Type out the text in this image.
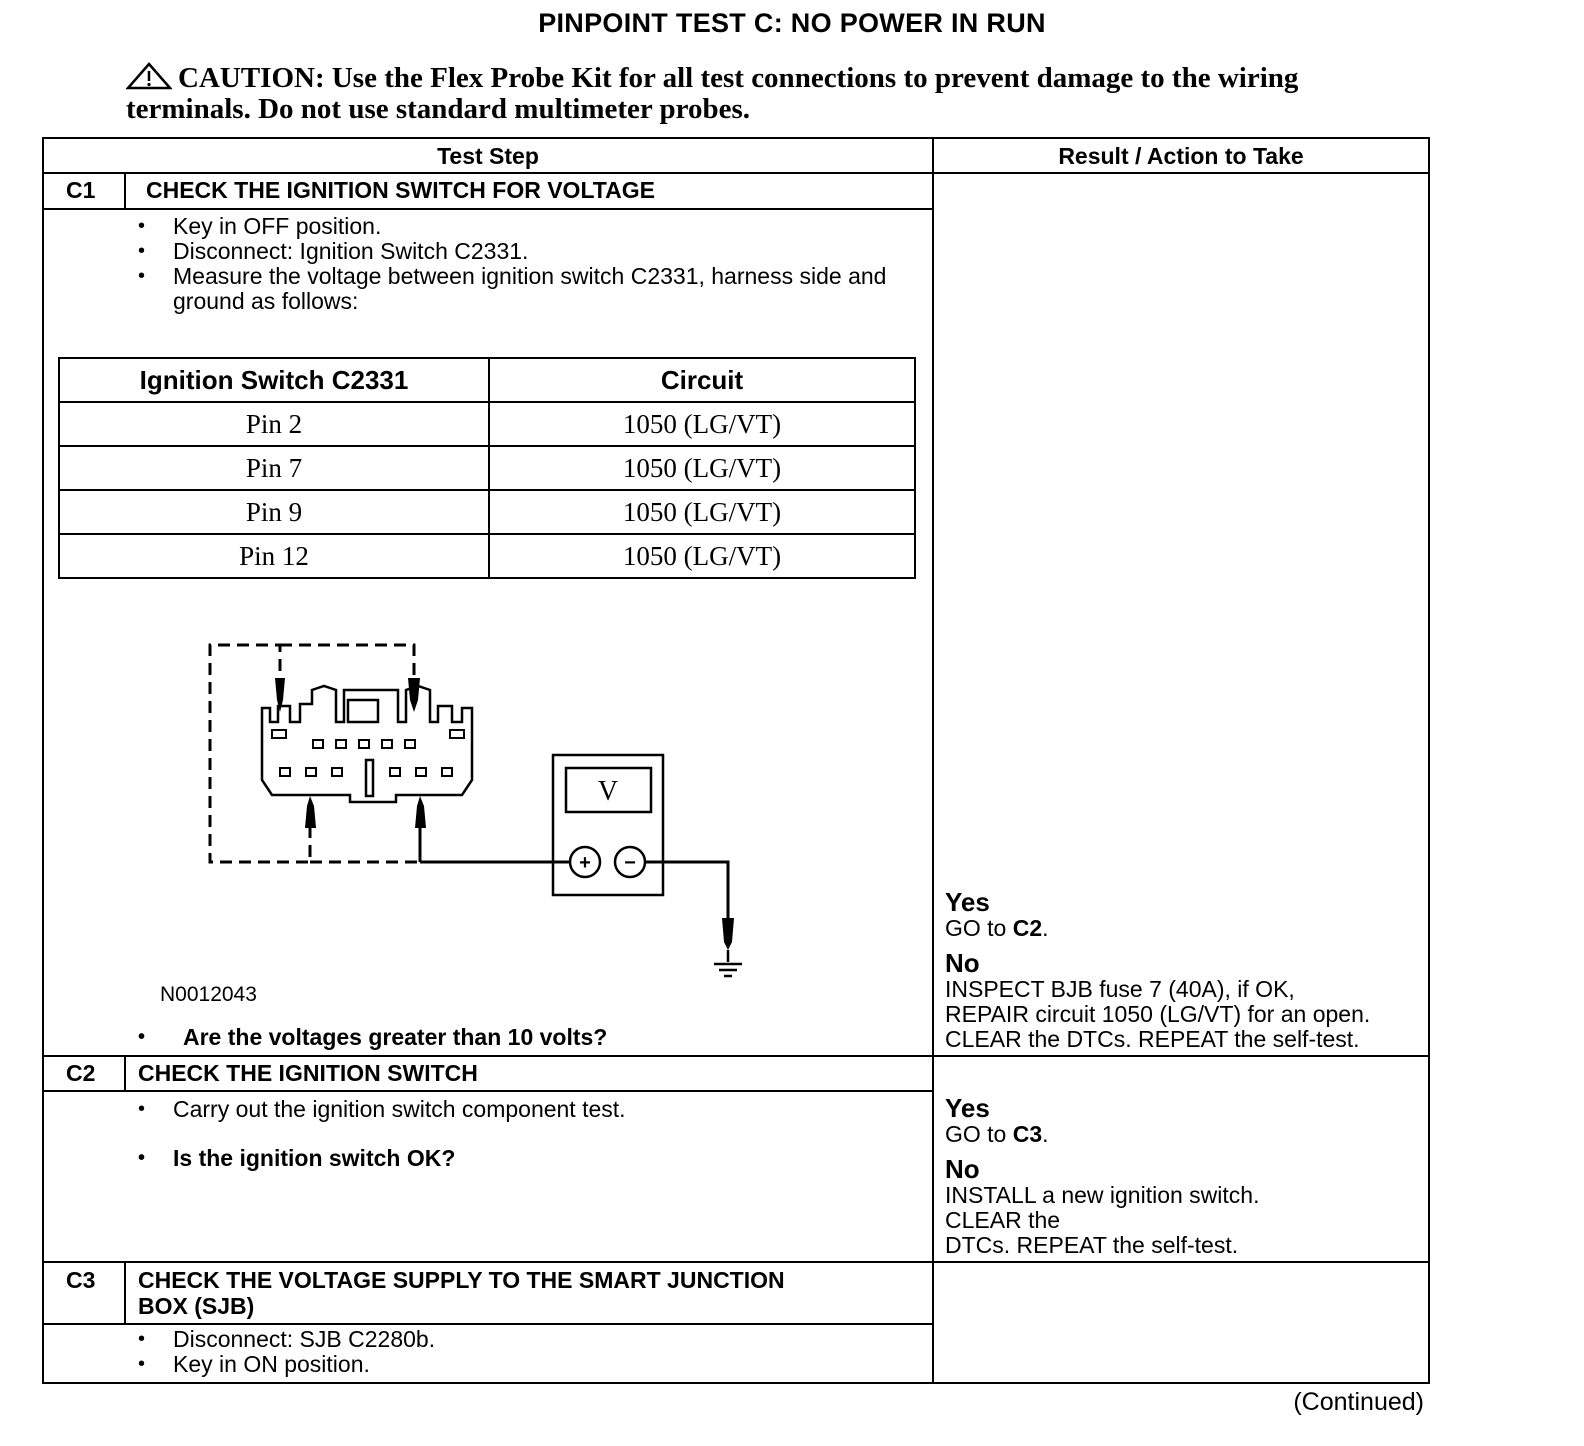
PINPOINT TEST C: NO POWER IN RUN
CAUTION: Use the Flex Probe Kit for all test connections to prevent damage to the wiring terminals. Do not use standard multimeter probes.
Test Step	Result / Action to Take
C1 CHECK THE IGNITION SWITCH FOR VOLTAGE
• Key in OFF position.
• Disconnect: Ignition Switch C2331.
• Measure the voltage between ignition switch C2331, harness side and ground as follows:
Ignition Switch C2331	Circuit
Pin 2	1050 (LG/VT)
Pin 7	1050 (LG/VT)
Pin 9	1050 (LG/VT)
Pin 12	1050 (LG/VT)
V
+ −
N0012043
• Are the voltages greater than 10 volts?
Yes
GO to C2.
No
INSPECT BJB fuse 7 (40A), if OK,
REPAIR circuit 1050 (LG/VT) for an open.
CLEAR the DTCs. REPEAT the self-test.
C2 CHECK THE IGNITION SWITCH
• Carry out the ignition switch component test.
• Is the ignition switch OK?
Yes
GO to C3.
No
INSTALL a new ignition switch.
CLEAR the
DTCs. REPEAT the self-test.
C3 CHECK THE VOLTAGE SUPPLY TO THE SMART JUNCTION
BOX (SJB)
• Disconnect: SJB C2280b.
• Key in ON position.
(Continued)
